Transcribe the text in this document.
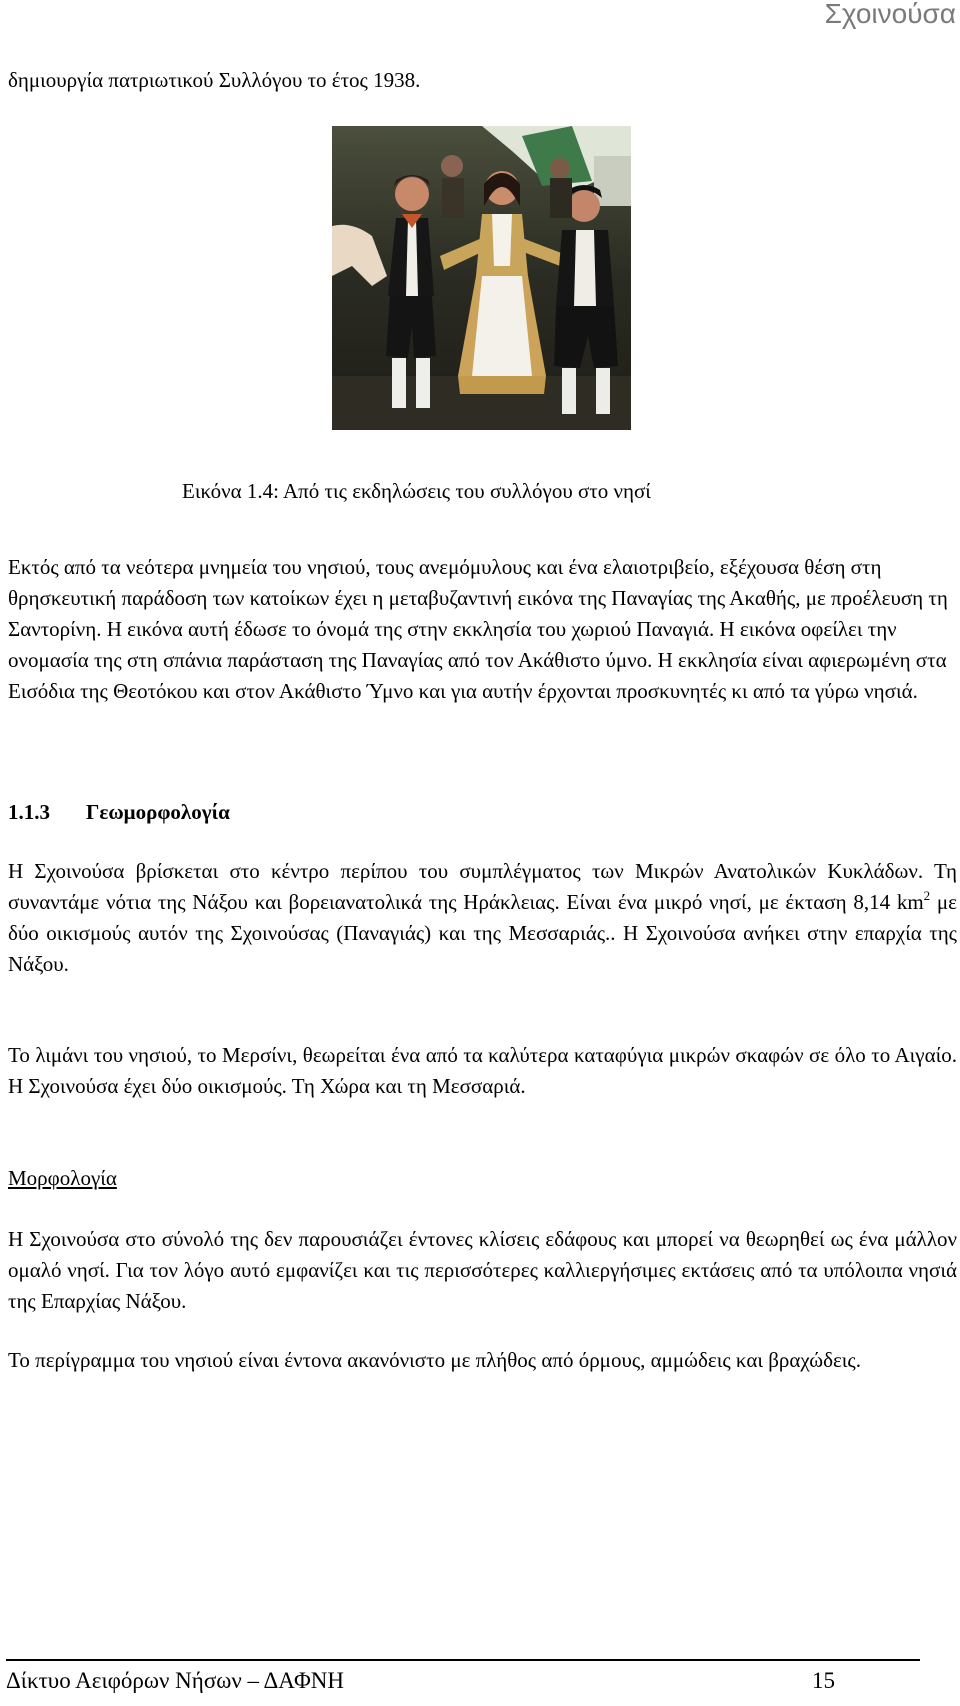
Σχοινούσα
δημιουργία πατριωτικού Συλλόγου το έτος 1938.
Εικόνα 1.4: Από τις εκδηλώσεις του συλλόγου στο νησί
Εκτός από τα νεότερα μνημεία του νησιού, τους ανεμόμυλους και ένα ελαιοτριβείο, εξέχουσα θέση στη θρησκευτική παράδοση των κατοίκων έχει η μεταβυζαντινή εικόνα της Παναγίας της Ακαθής, με προέλευση τη Σαντορίνη. Η εικόνα αυτή έδωσε το όνομά της στην εκκλησία του χωριού Παναγιά. Η εικόνα οφείλει την ονομασία της στη σπάνια παράσταση της Παναγίας από τον Ακάθιστο ύμνο. Η εκκλησία είναι αφιερωμένη στα Εισόδια της Θεοτόκου και στον Ακάθιστο Ύμνο και για αυτήν έρχονται προσκυνητές κι από τα γύρω νησιά.
1.1.3 Γεωμορφολογία
Η Σχοινούσα βρίσκεται στο κέντρο περίπου του συμπλέγματος των Μικρών Ανατολικών Κυκλάδων. Τη συναντάμε νότια της Νάξου και βορειανατολικά της Ηράκλειας. Είναι ένα μικρό νησί, με έκταση 8,14 $km^2$ με δύο οικισμούς αυτόν της Σχοινούσας (Παναγιάς) και της Μεσσαριάς.. Η Σχοινούσα ανήκει στην επαρχία της Νάξου.
Το λιμάνι του νησιού, το Μερσίνι, θεωρείται ένα από τα καλύτερα καταφύγια μικρών σκαφών σε όλο το Αιγαίο. Η Σχοινούσα έχει δύο οικισμούς. Τη Χώρα και τη Μεσσαριά.
Μορφολογία
Η Σχοινούσα στο σύνολό της δεν παρουσιάζει έντονες κλίσεις εδάφους και μπορεί να θεωρηθεί ως ένα μάλλον ομαλό νησί. Για τον λόγο αυτό εμφανίζει και τις περισσότερες καλλιεργήσιμες εκτάσεις από τα υπόλοιπα νησιά της Επαρχίας Νάξου.
Το περίγραμμα του νησιού είναι έντονα ακανόνιστο με πλήθος από όρμους, αμμώδεις και βραχώδεις.
Δίκτυο Αειφόρων Νήσων – ΔΑΦΝΗ	15
